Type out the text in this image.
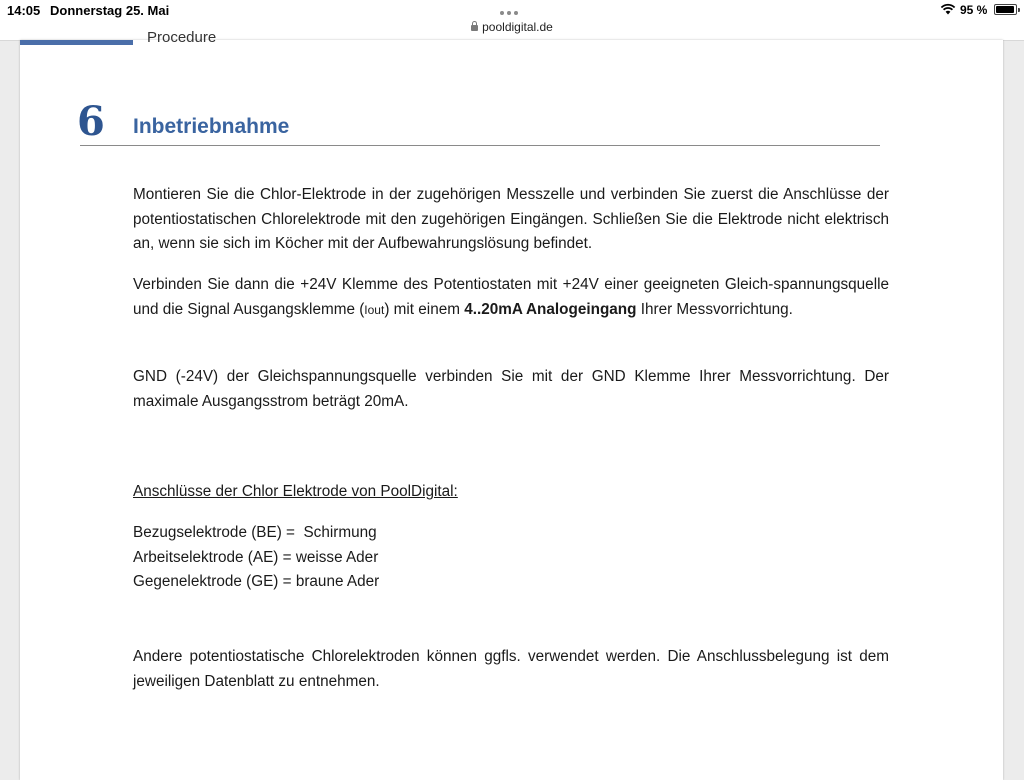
14:05 Donnerstag 25. Mai
pooldigital.de
95 %
6 Inbetriebnahme

Montieren Sie die Chlor-Elektrode in der zugehörigen Messzelle und verbinden Sie zuerst die Anschlüsse der potentiostatischen Chlorelektrode mit den zugehörigen Eingängen. Schließen Sie die Elektrode nicht elektrisch an, wenn sie sich im Köcher mit der Aufbewahrungslösung befindet.

Verbinden Sie dann die +24V Klemme des Potentiostaten mit +24V einer geeigneten Gleich-spannungsquelle und die Signal Ausgangsklemme (Iout) mit einem 4..20mA Analogeingang Ihrer Messvorrichtung.

GND (-24V) der Gleichspannungsquelle verbinden Sie mit der GND Klemme Ihrer Messvorrichtung. Der maximale Ausgangsstrom beträgt 20mA.

Anschlüsse der Chlor Elektrode von PoolDigital:
Bezugselektrode (BE) =  Schirmung
Arbeitselektrode (AE) = weisse Ader
Gegenelektrode (GE) = braune Ader

Andere potentiostatische Chlorelektroden können ggfls. verwendet werden. Die Anschlussbelegung ist dem jeweiligen Datenblatt zu entnehmen.
